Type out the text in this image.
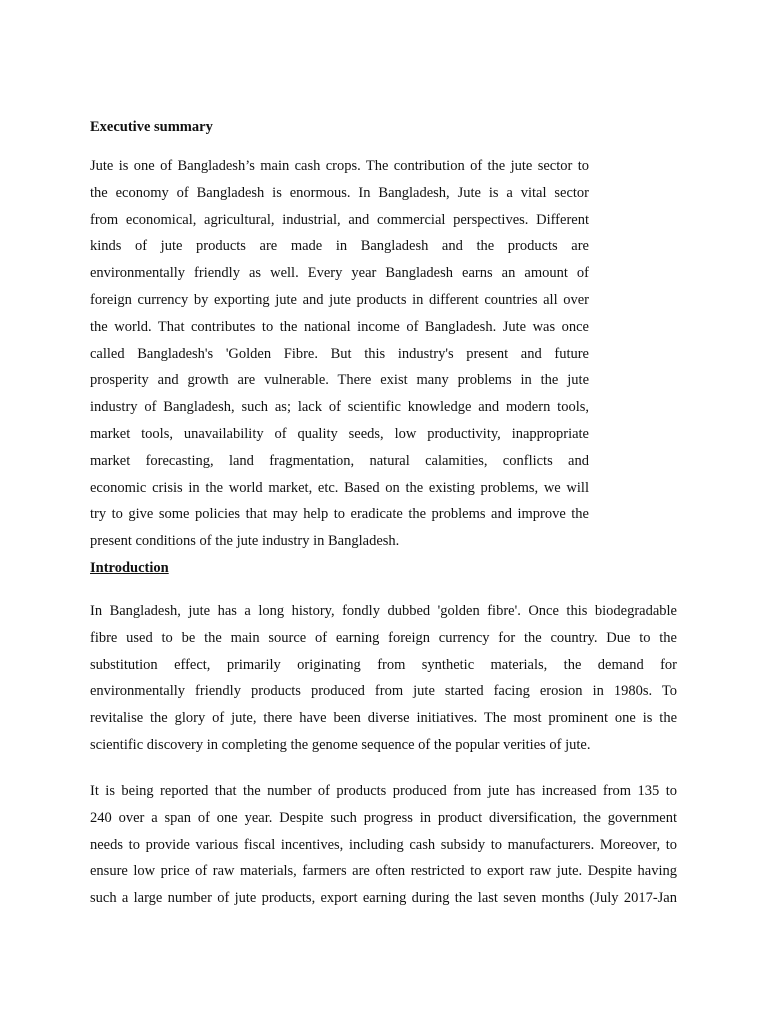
Executive summary
Jute is one of Bangladesh’s main cash crops. The contribution of the jute sector to
the economy of Bangladesh is enormous. In Bangladesh, Jute is a vital sector
from economical, agricultural, industrial, and commercial perspectives. Different
kinds of jute products are made in Bangladesh and the products are
environmentally friendly as well. Every year Bangladesh earns an amount of
foreign currency by exporting jute and jute products in different countries all over
the world. That contributes to the national income of Bangladesh. Jute was once
called Bangladesh's 'Golden Fibre. But this industry's present and future
prosperity and growth are vulnerable. There exist many problems in the jute
industry of Bangladesh, such as; lack of scientific knowledge and modern tools,
market tools, unavailability of quality seeds, low productivity, inappropriate
market forecasting, land fragmentation, natural calamities, conflicts and
economic crisis in the world market, etc. Based on the existing problems, we will
try to give some policies that may help to eradicate the problems and improve the
present conditions of the jute industry in Bangladesh.
Introduction
In Bangladesh, jute has a long history, fondly dubbed 'golden fibre'. Once this biodegradable
fibre used to be the main source of earning foreign currency for the country. Due to the
substitution effect, primarily originating from synthetic materials, the demand for
environmentally friendly products produced from jute started facing erosion in 1980s. To
revitalise the glory of jute, there have been diverse initiatives. The most prominent one is the
scientific discovery in completing the genome sequence of the popular verities of jute.
It is being reported that the number of products produced from jute has increased from 135 to
240 over a span of one year. Despite such progress in product diversification, the government
needs to provide various fiscal incentives, including cash subsidy to manufacturers. Moreover, to
ensure low price of raw materials, farmers are often restricted to export raw jute. Despite having
such a large number of jute products, export earning during the last seven months (July 2017-Jan
